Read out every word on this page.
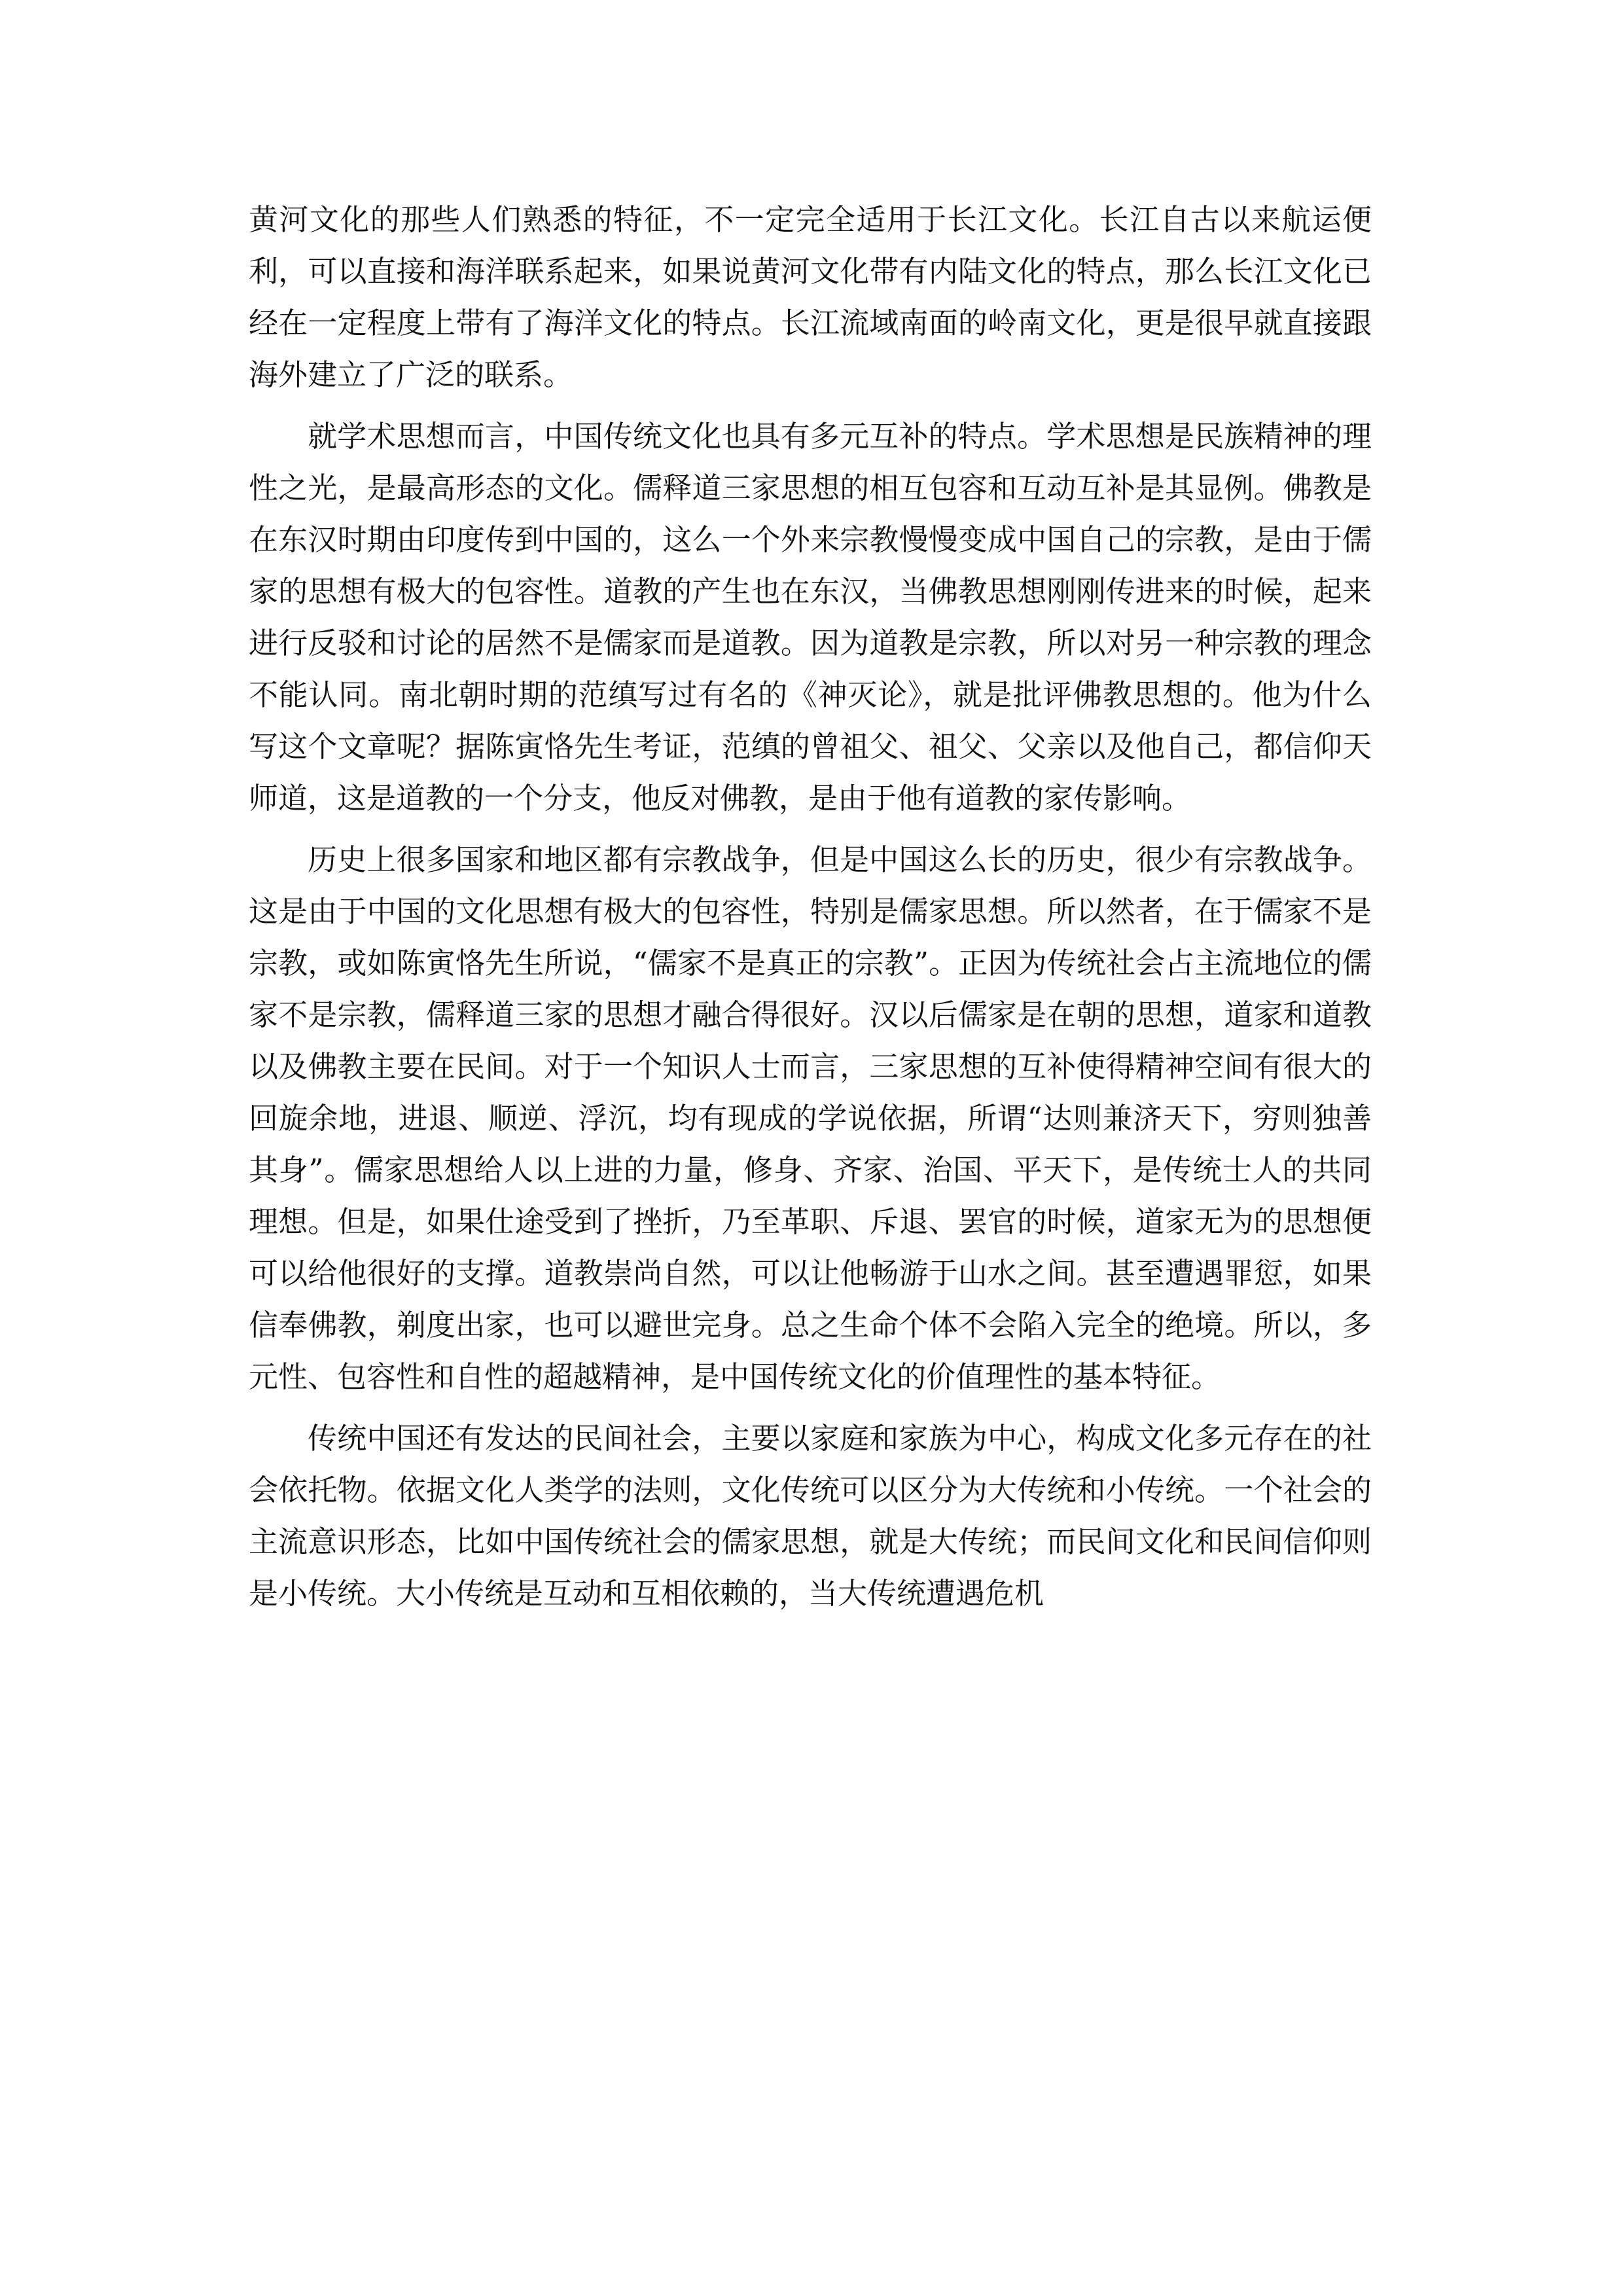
黄河文化的那些人们熟悉的特征，不一定完全适用于长江文化。长江自古以来航运便利，可以直接和海洋联系起来，如果说黄河文化带有内陆文化的特点，那么长江文化已经在一定程度上带有了海洋文化的特点。长江流域南面的岭南文化，更是很早就直接跟海外建立了广泛的联系。

就学术思想而言，中国传统文化也具有多元互补的特点。学术思想是民族精神的理性之光，是最高形态的文化。儒释道三家思想的相互包容和互动互补是其显例。佛教是在东汉时期由印度传到中国的，这么一个外来宗教慢慢变成中国自己的宗教，是由于儒家的思想有极大的包容性。道教的产生也在东汉，当佛教思想刚刚传进来的时候，起来进行反驳和讨论的居然不是儒家而是道教。因为道教是宗教，所以对另一种宗教的理念不能认同。南北朝时期的范缜写过有名的《神灭论》，就是批评佛教思想的。他为什么写这个文章呢？据陈寅恪先生考证，范缜的曾祖父、祖父、父亲以及他自己，都信仰天师道，这是道教的一个分支，他反对佛教，是由于他有道教的家传影响。

历史上很多国家和地区都有宗教战争，但是中国这么长的历史，很少有宗教战争。这是由于中国的文化思想有极大的包容性，特别是儒家思想。所以然者，在于儒家不是宗教，或如陈寅恪先生所说，“儒家不是真正的宗教”。正因为传统社会占主流地位的儒家不是宗教，儒释道三家的思想才融合得很好。汉以后儒家是在朝的思想，道家和道教以及佛教主要在民间。对于一个知识人士而言，三家思想的互补使得精神空间有很大的回旋余地，进退、顺逆、浮沉，均有现成的学说依据，所谓“达则兼济天下，穷则独善其身”。儒家思想给人以上进的力量，修身、齐家、治国、平天下，是传统士人的共同理想。但是，如果仕途受到了挫折，乃至革职、斥退、罢官的时候，道家无为的思想便可以给他很好的支撑。道教崇尚自然，可以让他畅游于山水之间。甚至遭遇罪愆，如果信奉佛教，剃度出家，也可以避世完身。总之生命个体不会陷入完全的绝境。所以，多元性、包容性和自性的超越精神，是中国传统文化的价值理性的基本特征。

传统中国还有发达的民间社会，主要以家庭和家族为中心，构成文化多元存在的社会依托物。依据文化人类学的法则，文化传统可以区分为大传统和小传统。一个社会的主流意识形态，比如中国传统社会的儒家思想，就是大传统；而民间文化和民间信仰则是小传统。大小传统是互动和互相依赖的，当大传统遭遇危机
